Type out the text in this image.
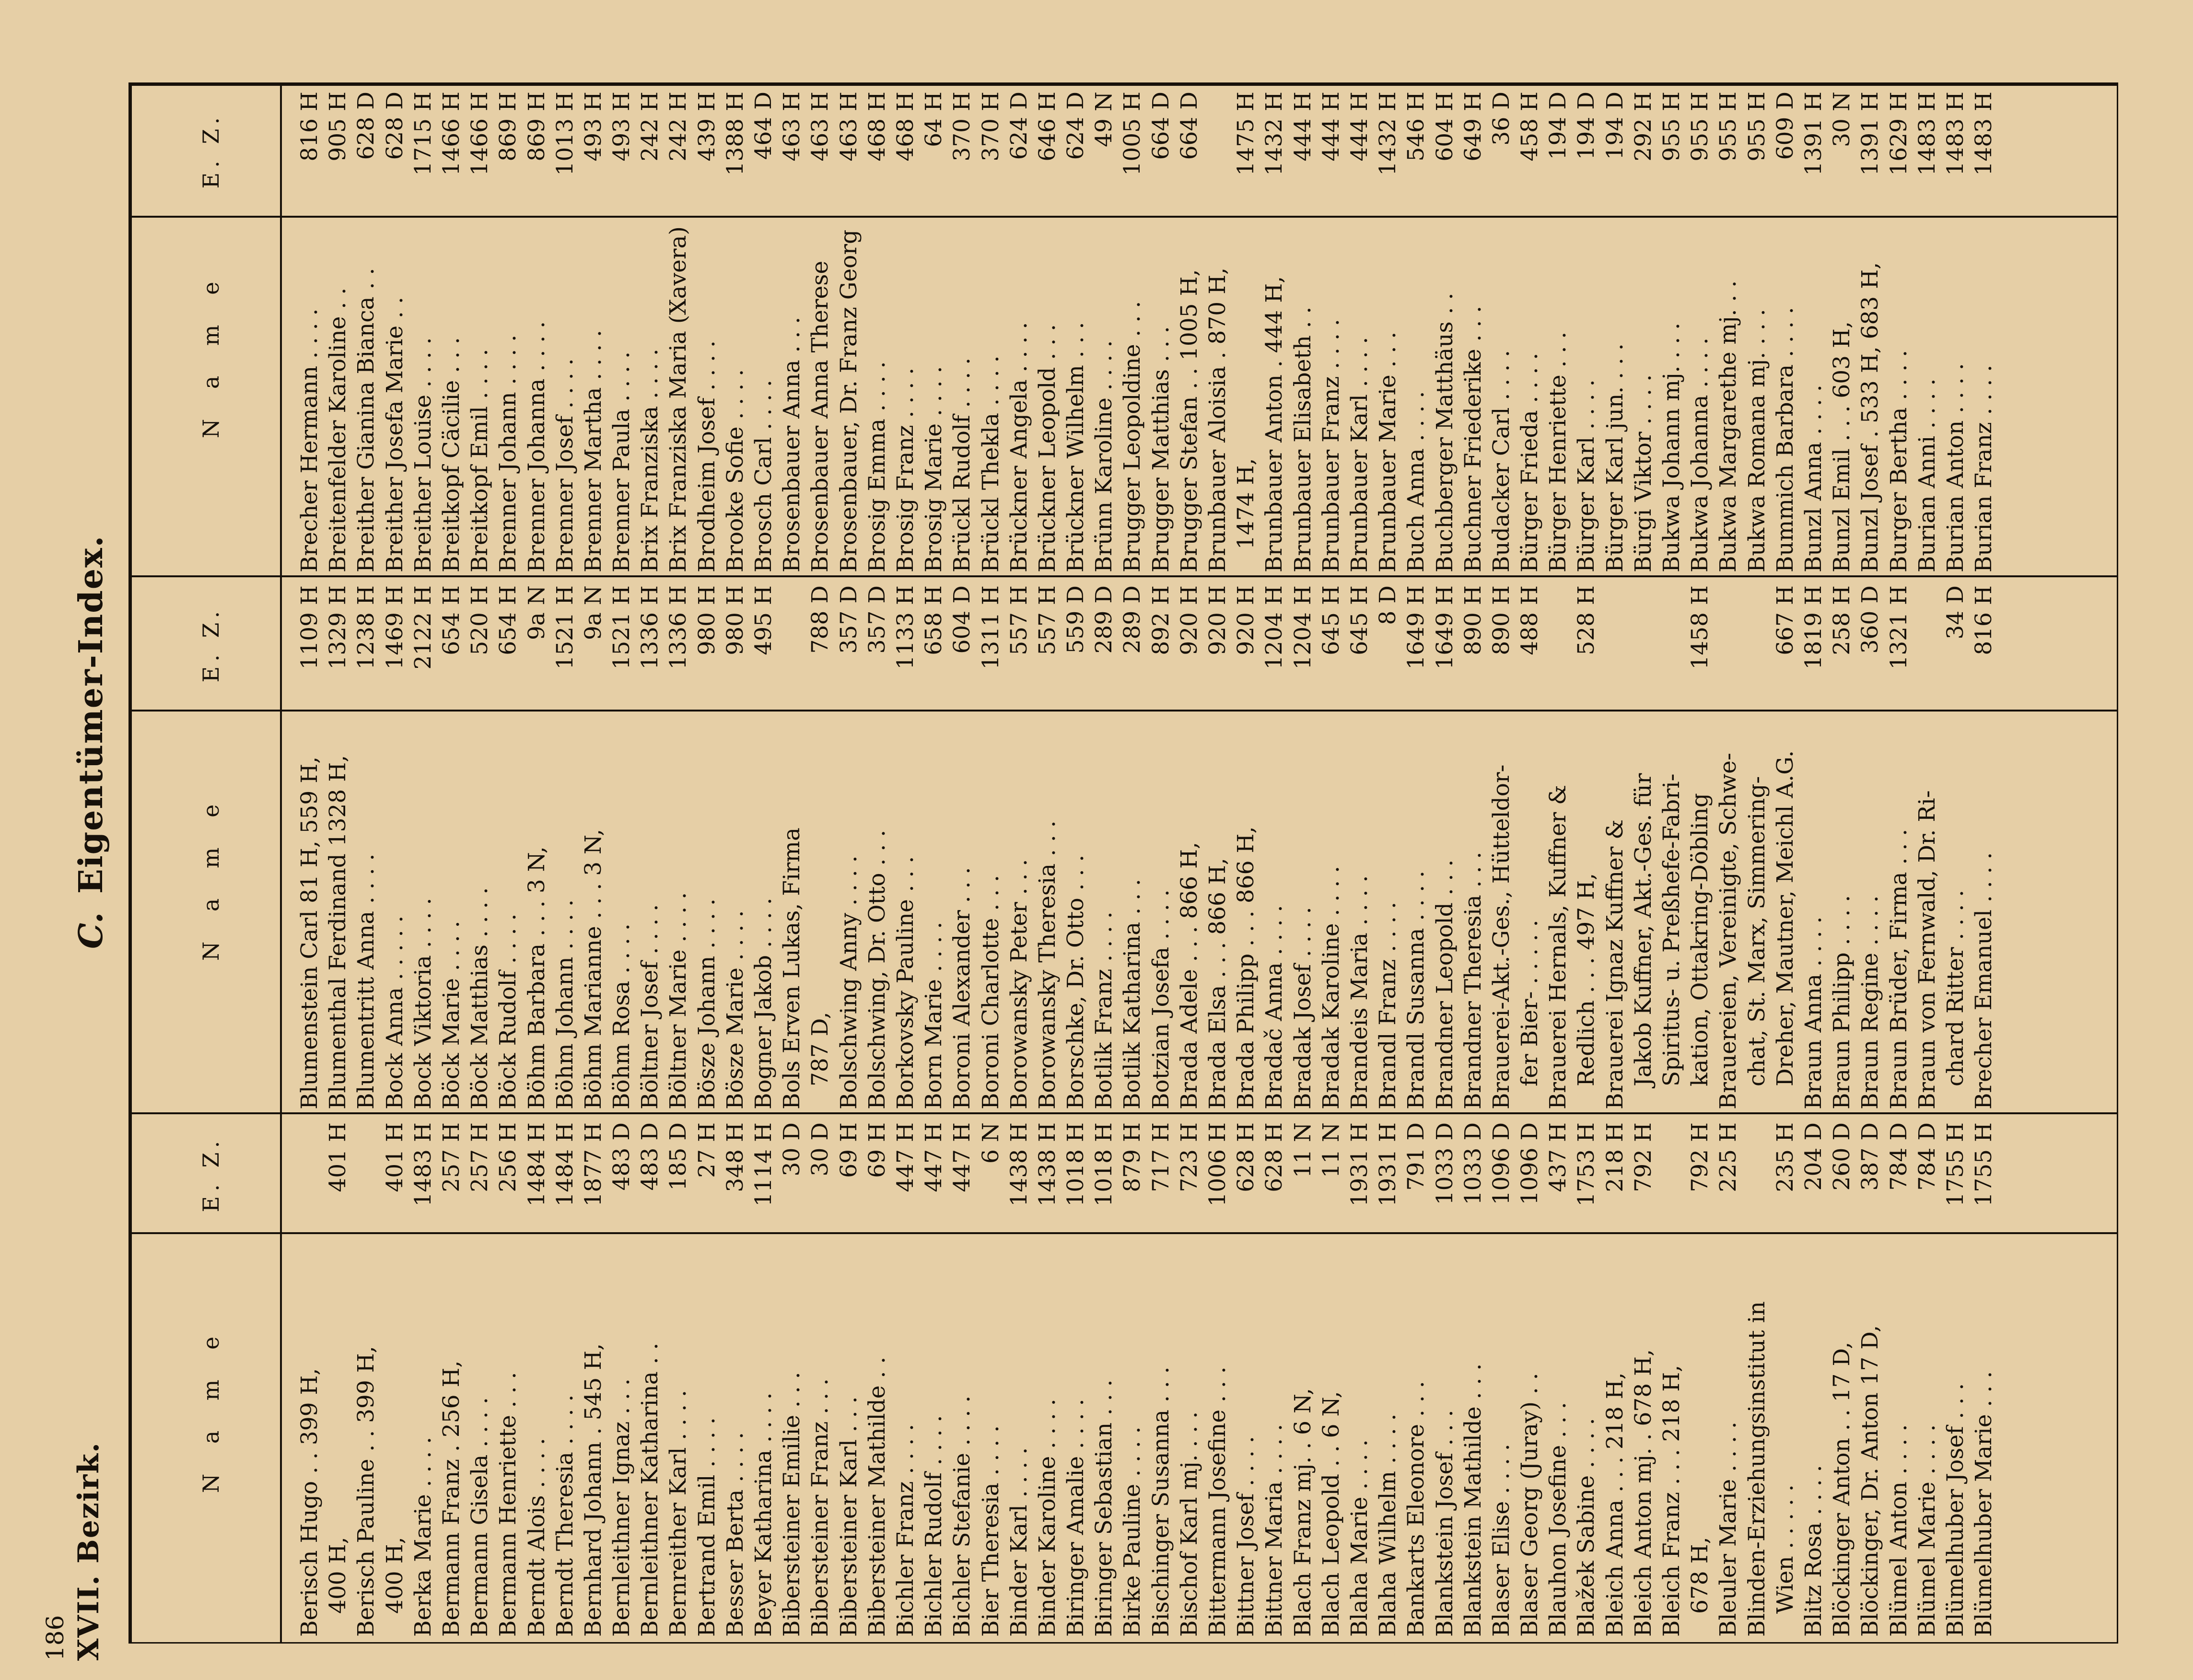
186 XVII. Bezirk.
C.
Eigentümer-Index.
N a m e
E. Z.
N a m e
E. Z.
N a m e
E. Z.
Berisch Hugo . . 399 H, 400 H,
401 H
Berisch Pauline . . 399 H, 400 H,
401 H
Berka Marie . . . .
1483 H
Bermann Franz . 256 H,
257 H
Bermann Gisela . . . .
257 H
Bermann Henriette . . .
256 H
Berndt Alois . . . .
1484 H
Berndt Theresia . . . .
1484 H
Bernhard Johann . 545 H,
1877 H
Bernleithner Ignaz . . .
483 D
Bernleithner Katharina . .
483 D
Bernreither Karl . . . .
185 D
Bertrand Emil . . . .
27 H
Besser Berta . . . .
348 H
Beyer Katharina . . . .
1114 H
Bibersteiner Emilie . . .
30 D
Bibersteiner Franz . . .
30 D
Bibersteiner Karl . . .
69 H
Bibersteiner Mathilde . .
69 H
Bichler Franz . . . .
447 H
Bichler Rudolf . . . .
447 H
Bichler Stefanie . . . .
447 H
Bier Theresia . . . .
6 N
Binder Karl . . . .
1438 H
Binder Karoline . . . .
1438 H
Biringer Amalie . . . .
1018 H
Biringer Sebastian . . .
1018 H
Birke Pauline . . . .
879 H
Bischinger Susanna . . .
717 H
Bischof Karl mj. . . .
723 H
Bittermann Josefine . . .
1006 H
Bittner Josef . . . .
628 H
Bittner Maria . . . .
628 H
Blach Franz mj. . 6 N,
11 N
Blach Leopold . . 6 N,
11 N
Blaha Marie . . . .
1931 H
Blaha Wilhelm . . . .
1931 H
Bankarts Eleonore . . .
791 D
Blankstein Josef . . .
1033 D
Blankstein Mathilde . . .
1033 D
Blaser Elise . . . .
1096 D
Blaser Georg (Juray) . .
1096 D
Blauhon Josefine . . .
437 H
Blažek Sabine . . . .
1753 H
Bleich Anna . . . 218 H,
218 H
Bleich Anton mj. . 678 H,
792 H
Bleich Franz . . . 218 H, 678 H,
792 H
Bleuler Marie . . . .
225 H
Blinden-Erziehungsinstitut in Wien . . . . .
235 H
Blitz Rosa . . . .
204 D
Blöckinger Anton . . 17 D,
260 D
Blöckinger, Dr. Anton 17 D,
387 D
Blümel Anton . . . .
784 D
Blümel Marie . . . .
784 D
Blümelhuber Josef . . .
1755 H
Blümelhuber Marie . . .
1755 H
Blumenstein Carl 81 H, 559 H,
1109 H
Blumenthal Ferdinand 1328 H,
1329 H
Blumentritt Anna . . . .
1238 H
Bock Anna . . . . .
1469 H
Bock Viktoria . . . .
2122 H
Böck Marie . . . .
654 H
Böck Matthias . . . .
520 H
Böck Rudolf . . . .
654 H
Böhm Barbara . . . 3 N,
9a N
Böhm Johann . . . .
1521 H
Böhm Marianne . . . 3 N,
9a N
Böhm Rosa . . . .
1521 H
Böltner Josef . . . .
1336 H
Böltner Marie . . . .
1336 H
Bösze Johann . . . .
980 H
Bösze Marie . . . .
980 H
Bogner Jakob . . . .
495 H
Bols Erven Lukas, Firma 787 D,
788 D
Bolschwing Anny . . . .
357 D
Bolschwing, Dr. Otto . . .
357 D
Borkovsky Pauline . . .
1133 H
Born Marie . . . .
658 H
Boroni Alexander . . .
604 D
Boroni Charlotte . . .
1311 H
Borowansky Peter . . .
557 H
Borowansky Theresia . . .
557 H
Borschke, Dr. Otto . . .
559 D
Botlik Franz . . . .
289 D
Botlik Katharina . . .
289 D
Botzian Josefa . . . .
892 H
Brada Adele . . . 866 H,
920 H
Brada Elsa . . . 866 H,
920 H
Brada Philipp . . . 866 H,
920 H
Bradač Anna . . . .
1204 H
Bradak Josef . . . .
1204 H
Bradak Karoline . . . .
645 H
Brandeis Maria . . . .
645 H
Brandl Franz . . . .
8 D
Brandl Susanna . . . .
1649 H
Brandner Leopold . . .
1649 H
Brandner Theresia . . .
890 H
Brauerei-Akt.-Ges., Hütteldor-
890 H
fer Bier- . . . . .
488 H
Brauerei Hernals, Kuffner & Redlich . . . 497 H,
528 H
Brauerei Ignaz Kuffner & Jakob Kuffner, Akt.-Ges. für Spiritus- u. Preßhefe-Fabri- kation, Ottakring-Döbling
1458 H
Brauereien, Vereinigte, Schwe- chat, St. Marx, Simmering- Dreher, Mautner, Meichl A.G.
667 H
Braun Anna . . . .
1819 H
Braun Philipp . . . .
258 H
Braun Regine . . . .
360 D
Braun Brüder, Firma . . .
1321 H
Braun von Fernwald, Dr. Ri- chard Ritter . . . .
34 D
Brecher Emanuel . . . .
816 H
Brecher Hermann . . . .
816 H
Breitenfelder Karoline . .
905 H
Breither Gianina Bianca . .
628 D
Breither Josefa Marie . .
628 D
Breither Louise . . . .
1715 H
Breitkopf Cäcilie . . .
1466 H
Breitkopf Emil . . . .
1466 H
Brenner Johann . . . .
869 H
Brenner Johanna . . . .
869 H
Brenner Josef . . . .
1013 H
Brenner Martha . . . .
493 H
Brenner Paula . . . .
493 H
Brix Franziska . . . .
242 H
Brix Franziska Maria (Xavera)
242 H
Brodheim Josef . . . .
439 H
Brooke Sofie . . . .
1388 H
Brosch Carl . . . .
464 D
Brosenbauer Anna . . .
463 H
Brosenbauer Anna Therese
463 H
Brosenbauer, Dr. Franz Georg
463 H
Brosig Emma . . . .
468 H
Brosig Franz . . . .
468 H
Brosig Marie . . . .
64 H
Brückl Rudolf . . . .
370 H
Brückl Thekla . . . .
370 H
Brückner Angela . . . .
624 D
Brückner Leopold . . .
646 H
Brückner Wilhelm . . .
624 D
Brünn Karoline . . . .
49 N
Brugger Leopoldine . . .
1005 H
Brugger Matthias . . .
664 D
Brugger Stefan . . 1005 H,
664 D
Brunbauer Aloisia . 870 H, 1474 H,
1475 H
Brunbauer Anton . 444 H,
1432 H
Brunbauer Elisabeth . .
444 H
Brunbauer Franz . . . .
444 H
Brunbauer Karl . . . .
444 H
Brunbauer Marie . . .
1432 H
Buch Anna . . . .
546 H
Buchberger Matthäus . .
604 H
Buchner Friederike . . .
649 H
Budacker Carl . . . .
36 D
Bürger Frieda . . . .
458 H
Bürger Henriette . . .
194 D
Bürger Karl . . . .
194 D
Bürger Karl jun. . . .
194 D
Bürgi Viktor . . . .
292 H
Bukwa Johann mj. . . .
955 H
Bukwa Johanna . . . .
955 H
Bukwa Margarethe mj. . .
955 H
Bukwa Romana mj. . . .
955 H
Bummich Barbara . . . .
609 D
Bunzl Anna . . . .
1391 H
Bunzl Emil . . . 603 H,
30 N
Bunzl Josef . 533 H, 683 H,
1391 H
Burger Bertha . . . .
1629 H
Burian Anni . . . .
1483 H
Burian Anton . . . .
1483 H
Burian Franz . . . .
1483 H
